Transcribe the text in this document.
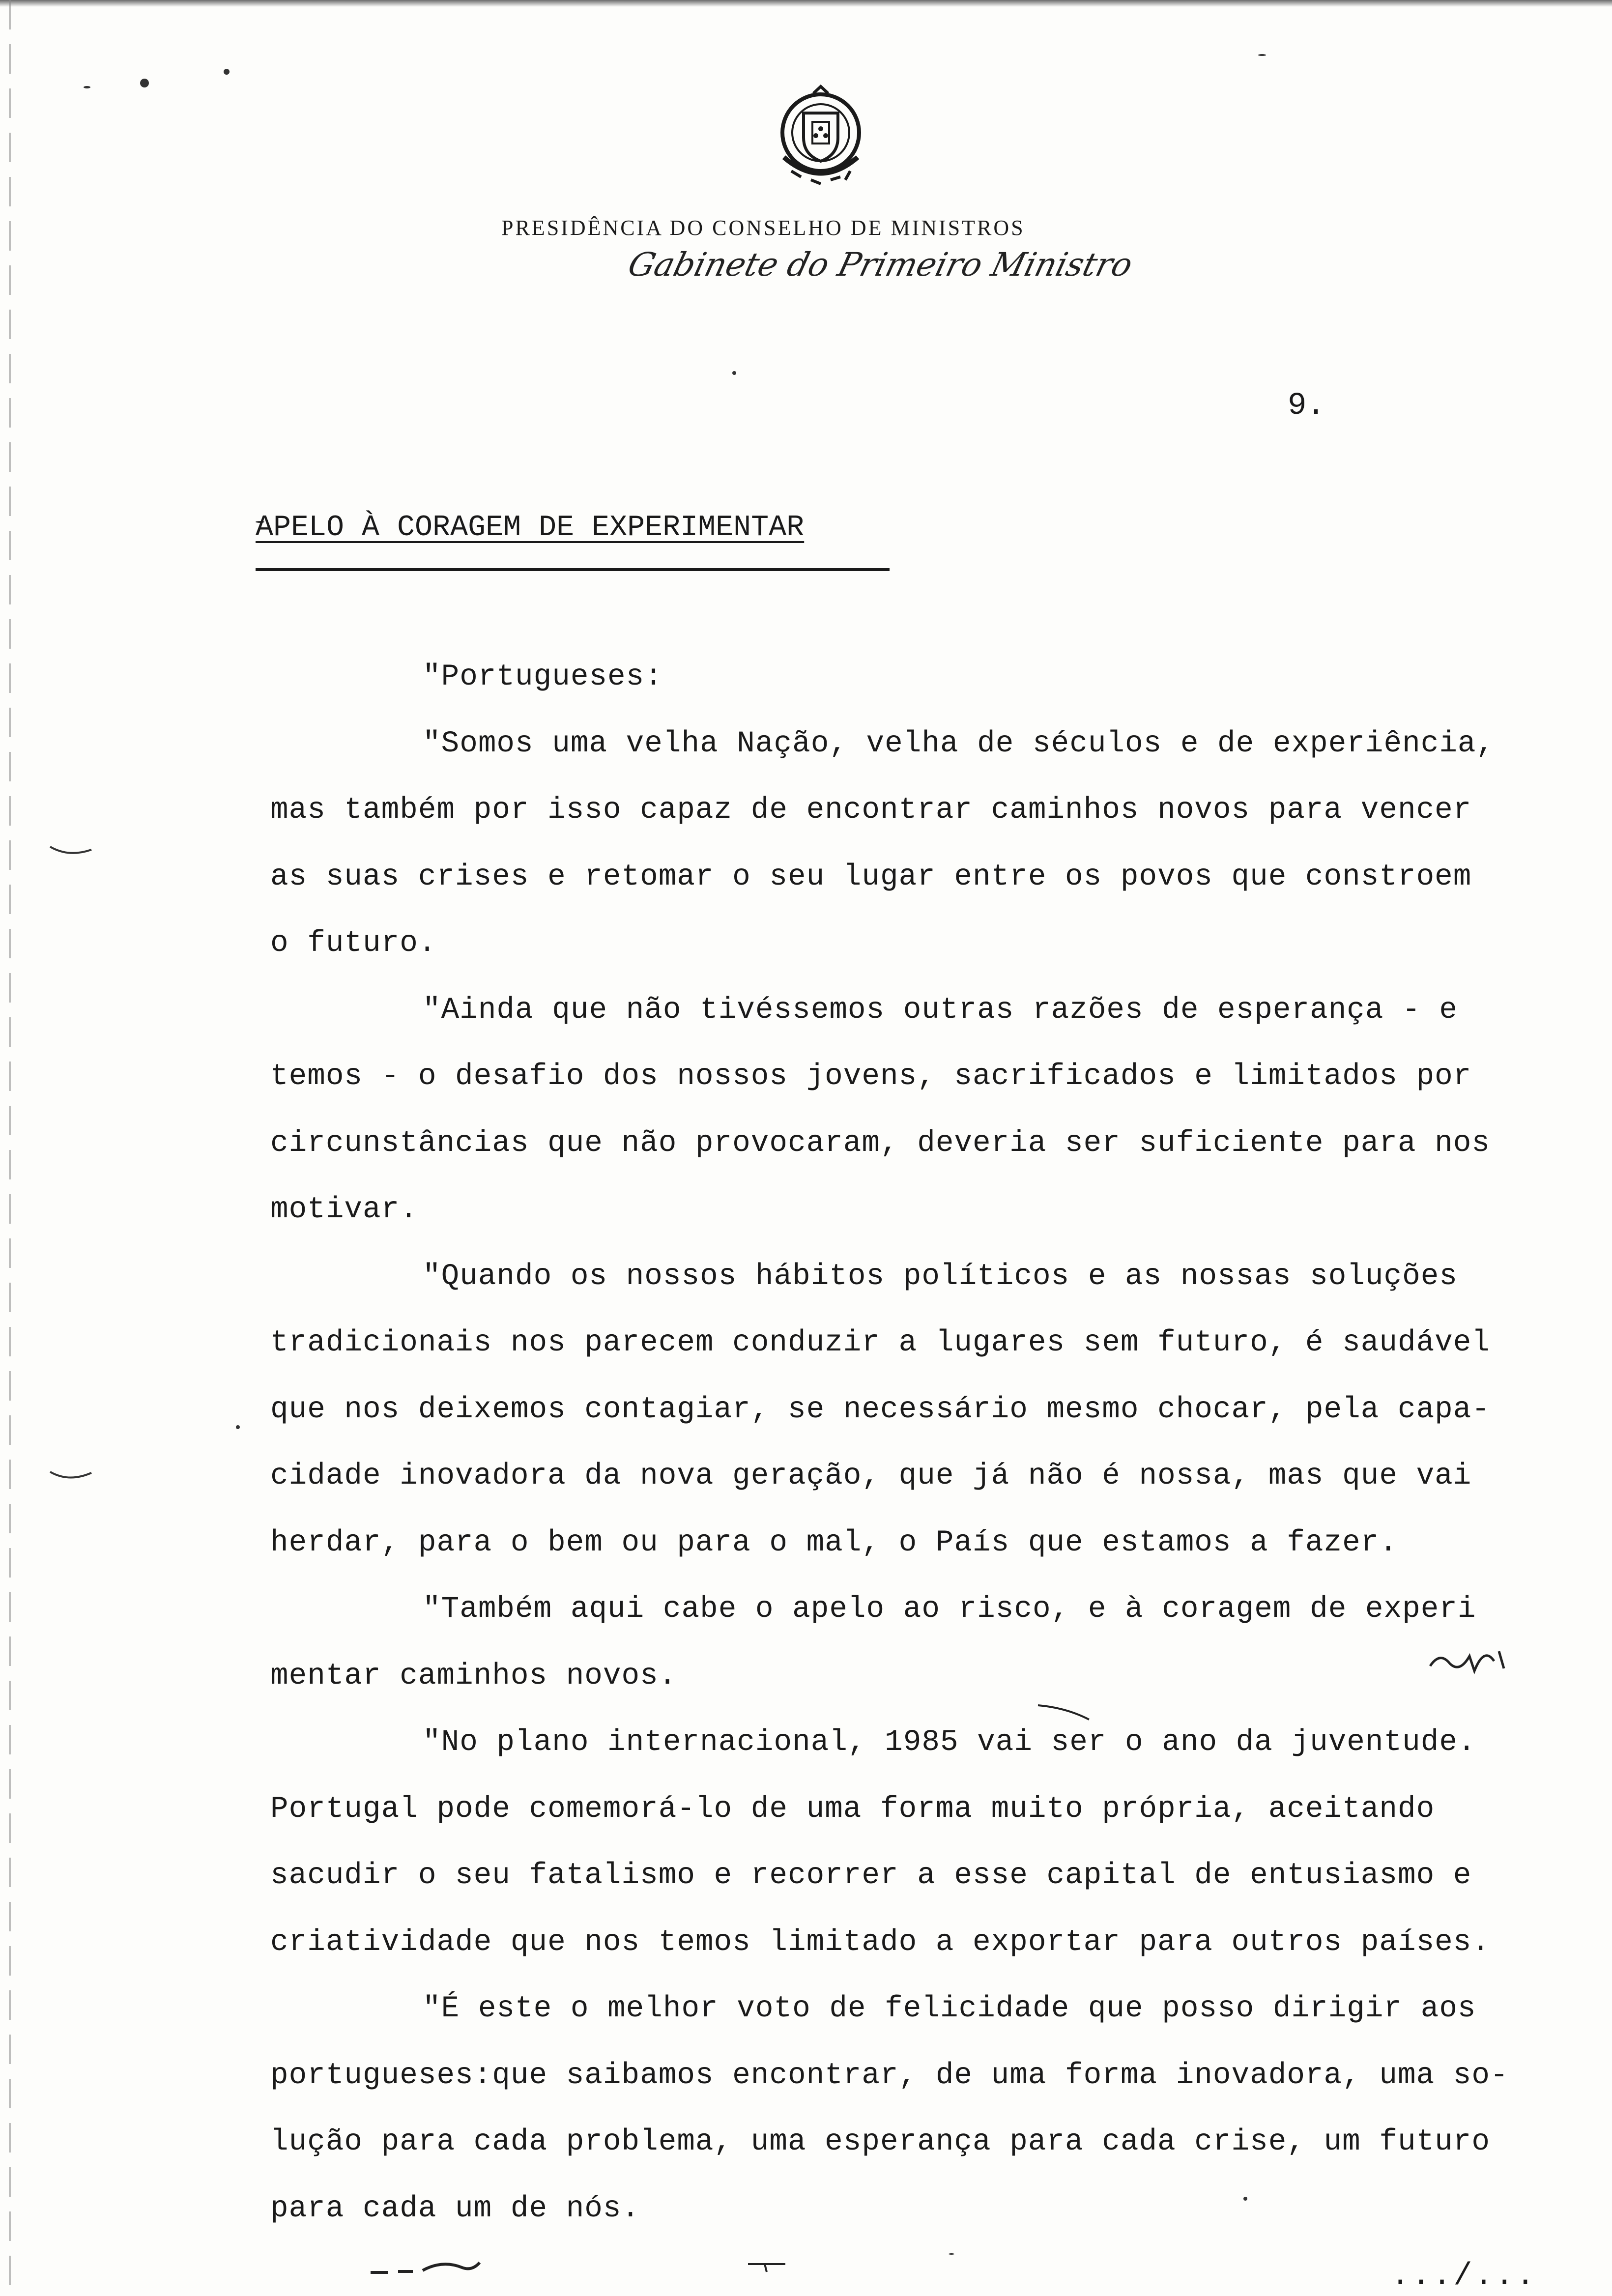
PRESIDÊNCIA DO CONSELHO DE MINISTROS
Gabinete do Primeiro Ministro
9.
APELO À CORAGEM DE EXPERIMENTAR
"Portugueses:
"Somos uma velha Nação, velha de séculos e de experiência,
mas também por isso capaz de encontrar caminhos novos para vencer
as suas crises e retomar o seu lugar entre os povos que constroem
o futuro.
"Ainda que não tivéssemos outras razões de esperança - e
temos - o desafio dos nossos jovens, sacrificados e limitados por
circunstâncias que não provocaram, deveria ser suficiente para nos
motivar.
"Quando os nossos hábitos políticos e as nossas soluções
tradicionais nos parecem conduzir a lugares sem futuro, é saudável
que nos deixemos contagiar, se necessário mesmo chocar, pela capa-
cidade inovadora da nova geração, que já não é nossa, mas que vai
herdar, para o bem ou para o mal, o País que estamos a fazer.
"Também aqui cabe o apelo ao risco, e à coragem de experi
mentar caminhos novos.
"No plano internacional, 1985 vai ser o ano da juventude.
Portugal pode comemorá-lo de uma forma muito própria, aceitando
sacudir o seu fatalismo e recorrer a esse capital de entusiasmo e
criatividade que nos temos limitado a exportar para outros países.
"É este o melhor voto de felicidade que posso dirigir aos
portugueses:que saibamos encontrar, de uma forma inovadora, uma so-
lução para cada problema, uma esperança para cada crise, um futuro
para cada um de nós.
.../...
